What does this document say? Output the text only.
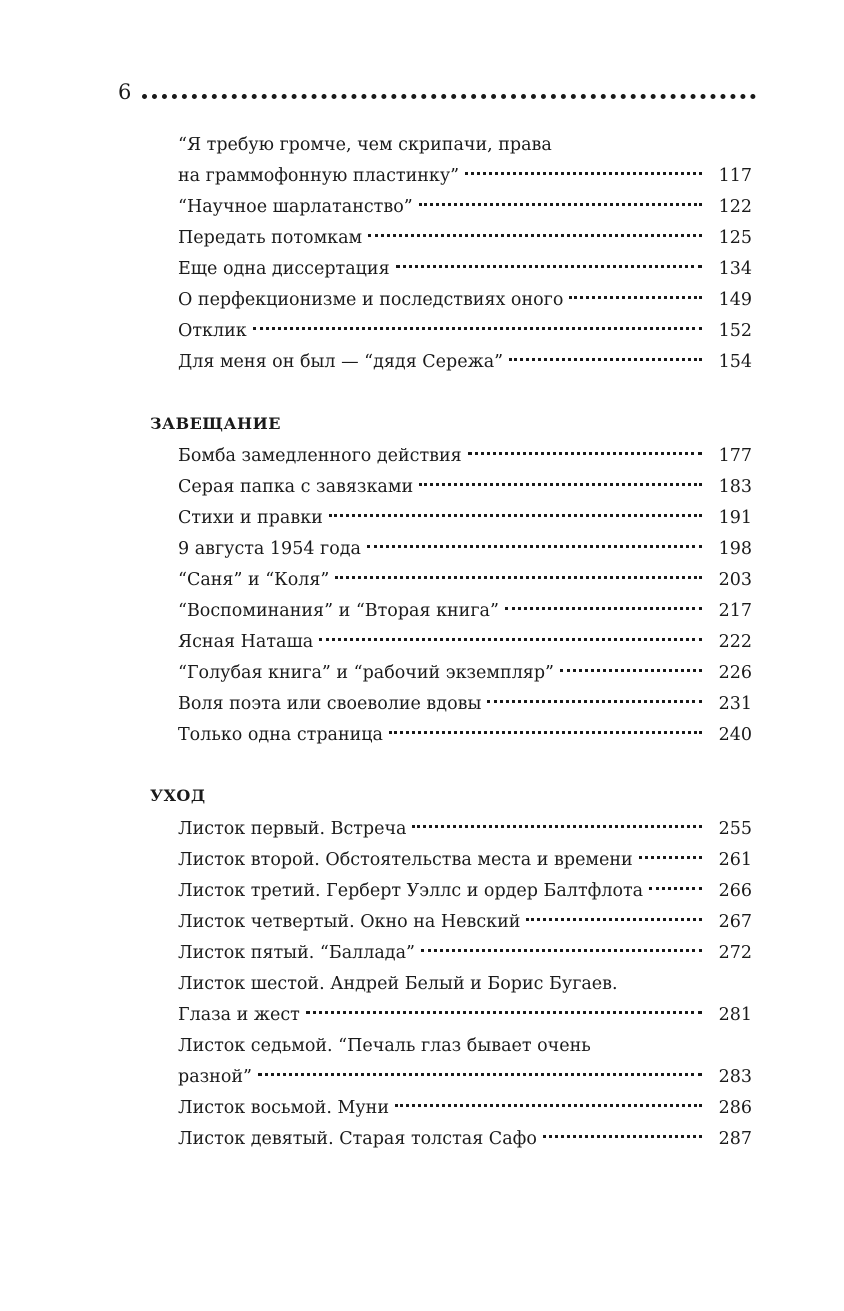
6
“Я требую громче, чем скрипачи, права
на граммофонную пластинку”	117
“Научное шарлатанство”	122
Передать потомкам	125
Еще одна диссертация	134
О перфекционизме и последствиях оного	149
Отклик	152
Для меня он был — “дядя Сережа”	154
ЗАВЕЩАНИЕ
Бомба замедленного действия	177
Серая папка с завязками	183
Стихи и правки	191
9 августа 1954 года	198
“Саня” и “Коля”	203
“Воспоминания” и “Вторая книга”	217
Ясная Наташа	222
“Голубая книга” и “рабочий экземпляр”	226
Воля поэта или своеволие вдовы	231
Только одна страница	240
УХОД
Листок первый. Встреча	255
Листок второй. Обстоятельства места и времени	261
Листок третий. Герберт Уэллс и ордер Балтфлота	266
Листок четвертый. Окно на Невский	267
Листок пятый. “Баллада”	272
Листок шестой. Андрей Белый и Борис Бугаев.
Глаза и жест	281
Листок седьмой. “Печаль глаз бывает очень
разной”	283
Листок восьмой. Муни	286
Листок девятый. Старая толстая Сафо	287
